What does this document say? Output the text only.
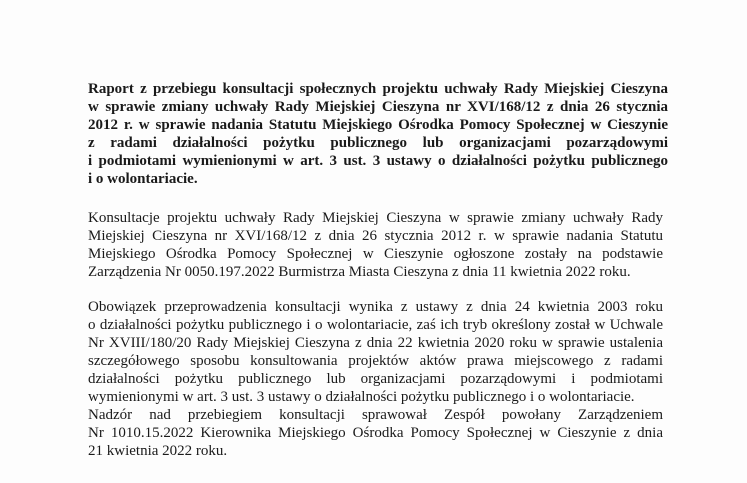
Raport z przebiegu konsultacji społecznych projektu uchwały Rady Miejskiej Cieszyna
w sprawie zmiany uchwały Rady Miejskiej Cieszyna nr XVI/168/12 z dnia 26 stycznia
2012 r. w sprawie nadania Statutu Miejskiego Ośrodka Pomocy Społecznej w Cieszynie
z radami działalności pożytku publicznego lub organizacjami pozarządowymi
i podmiotami wymienionymi w art. 3 ust. 3 ustawy o działalności pożytku publicznego
i o wolontariacie.
Konsultacje projektu uchwały Rady Miejskiej Cieszyna w sprawie zmiany uchwały Rady
Miejskiej Cieszyna nr XVI/168/12 z dnia 26 stycznia 2012 r. w sprawie nadania Statutu
Miejskiego Ośrodka Pomocy Społecznej w Cieszynie ogłoszone zostały na podstawie
Zarządzenia Nr 0050.197.2022 Burmistrza Miasta Cieszyna z dnia 11 kwietnia 2022 roku.
Obowiązek przeprowadzenia konsultacji wynika z ustawy z dnia 24 kwietnia 2003 roku
o działalności pożytku publicznego i o wolontariacie, zaś ich tryb określony został w Uchwale
Nr XVIII/180/20 Rady Miejskiej Cieszyna z dnia 22 kwietnia 2020 roku w sprawie ustalenia
szczegółowego sposobu konsultowania projektów aktów prawa miejscowego z radami
działalności pożytku publicznego lub organizacjami pozarządowymi i podmiotami
wymienionymi w art. 3 ust. 3 ustawy o działalności pożytku publicznego i o wolontariacie.
Nadzór nad przebiegiem konsultacji sprawował Zespół powołany Zarządzeniem
Nr 1010.15.2022 Kierownika Miejskiego Ośrodka Pomocy Społecznej w Cieszynie z dnia
21 kwietnia 2022 roku.
